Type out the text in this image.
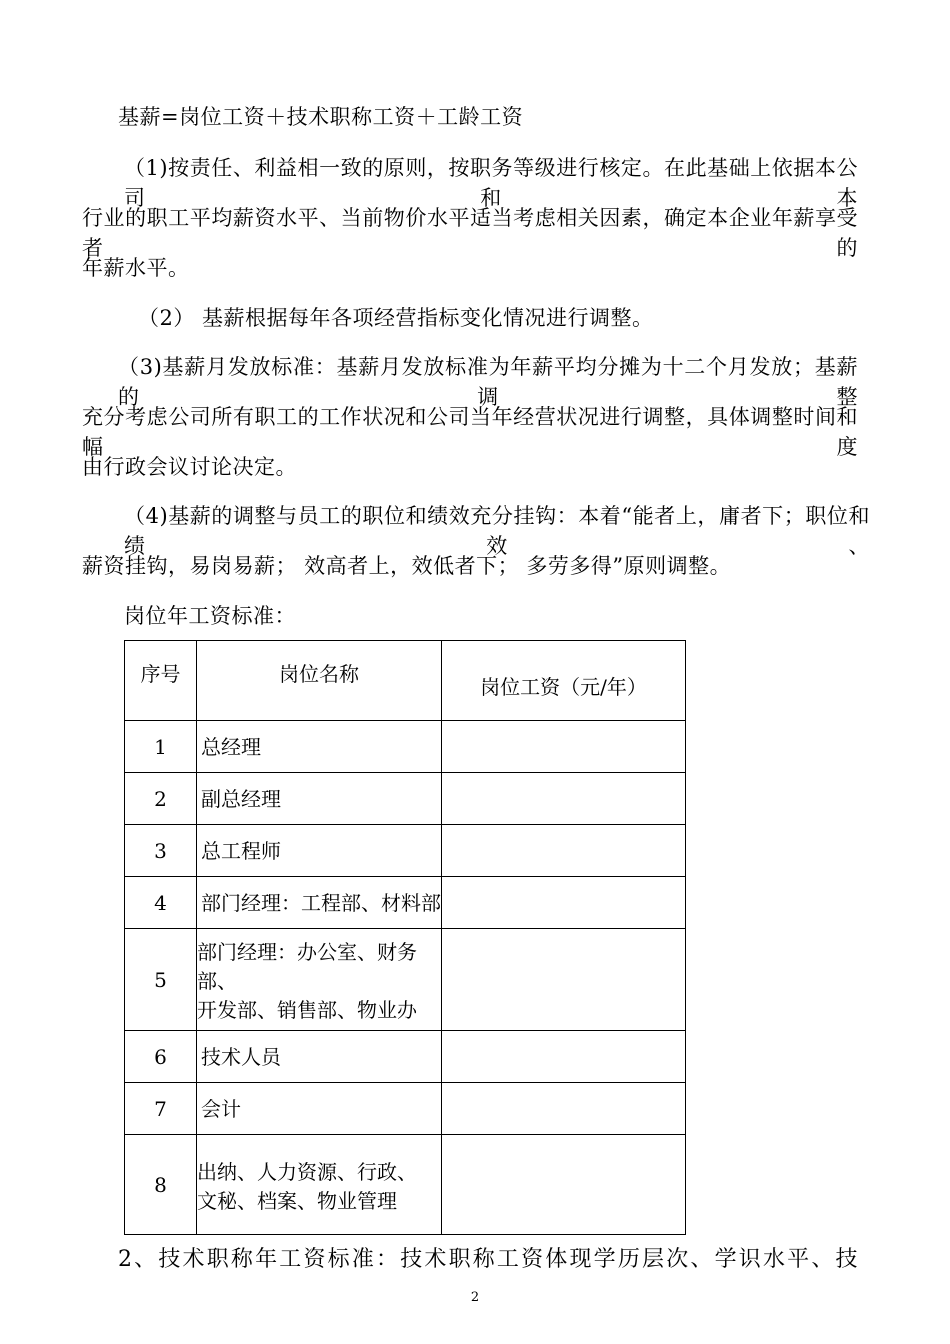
基薪=岗位工资＋技术职称工资＋工龄工资
（1)按责任、利益相一致的原则，按职务等级进行核定。在此基础上依据本公司和本
行业的职工平均薪资水平、当前物价水平适当考虑相关因素，确定本企业年薪享受者的
年薪水平。
（2） 基薪根据每年各项经营指标变化情况进行调整。
（3)基薪月发放标准：基薪月发放标准为年薪平均分摊为十二个月发放；基薪的调整
充分考虑公司所有职工的工作状况和公司当年经营状况进行调整，具体调整时间和幅度
由行政会议讨论决定。
（4)基薪的调整与员工的职位和绩效充分挂钩：本着“能者上，庸者下；职位和绩效、
薪资挂钩，易岗易薪； 效高者上，效低者下； 多劳多得”原则调整。
岗位年工资标准：
序号	岗位名称	岗位工资（元/年）
1	总经理	
2	副总经理	
3	总工程师	
4	部门经理：工程部、材料部	
5	部门经理：办公室、财务部、
开发部、销售部、物业办	

6	技术人员	
7	会计	
8	出纳、人力资源、行政、
文秘、档案、物业管理	

2、技术职称年工资标准：技术职称工资体现学历层次、学识水平、技
2
